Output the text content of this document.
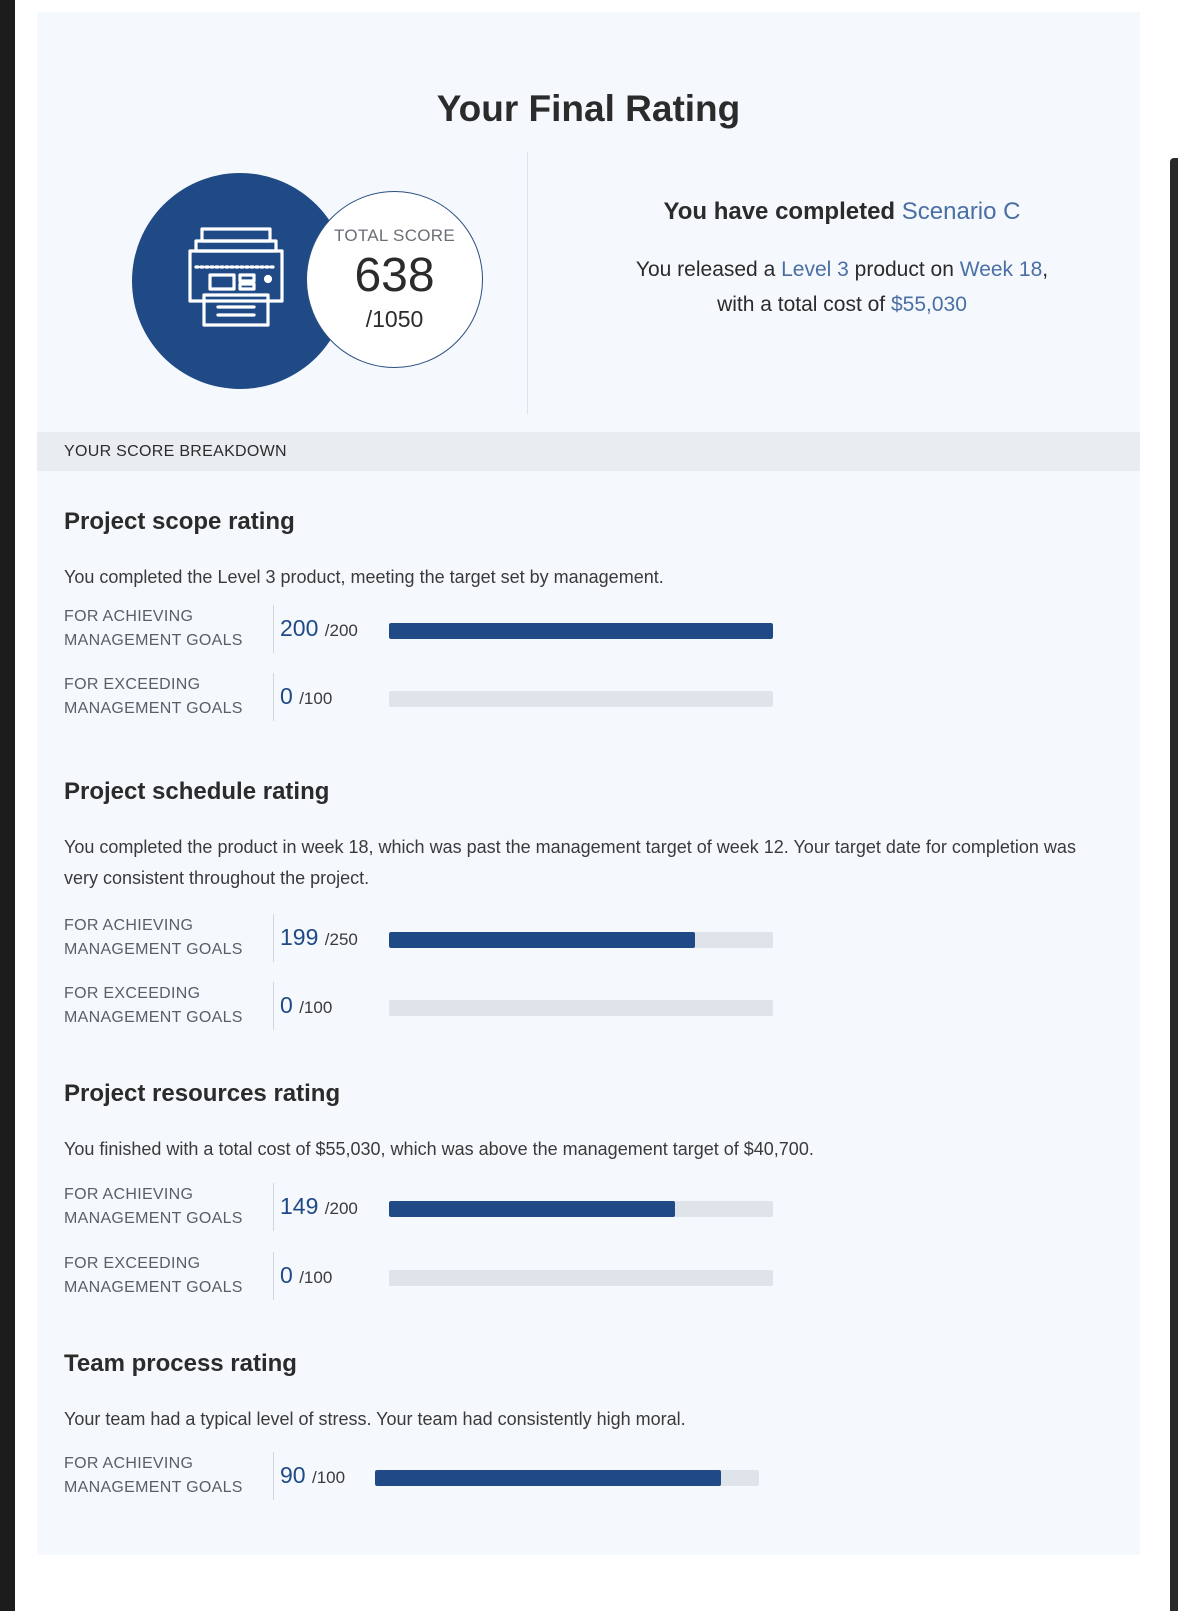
Your Final Rating
TOTAL SCORE
638
/1050
You have completed Scenario C
You released a Level 3 product on Week 18,
with a total cost of $55,030
YOUR SCORE BREAKDOWN
Project scope rating
You completed the Level 3 product, meeting the target set by management.
FOR ACHIEVING
MANAGEMENT GOALS 200 /200
FOR EXCEEDING
MANAGEMENT GOALS 0 /100
Project schedule rating
You completed the product in week 18, which was past the management target of week 12. Your target date for completion was very consistent throughout the project.
FOR ACHIEVING
MANAGEMENT GOALS 199 /250
FOR EXCEEDING
MANAGEMENT GOALS 0 /100
Project resources rating
You finished with a total cost of $55,030, which was above the management target of $40,700.
FOR ACHIEVING
MANAGEMENT GOALS 149 /200
FOR EXCEEDING
MANAGEMENT GOALS 0 /100
Team process rating
Your team had a typical level of stress. Your team had consistently high moral.
FOR ACHIEVING
MANAGEMENT GOALS 90 /100
